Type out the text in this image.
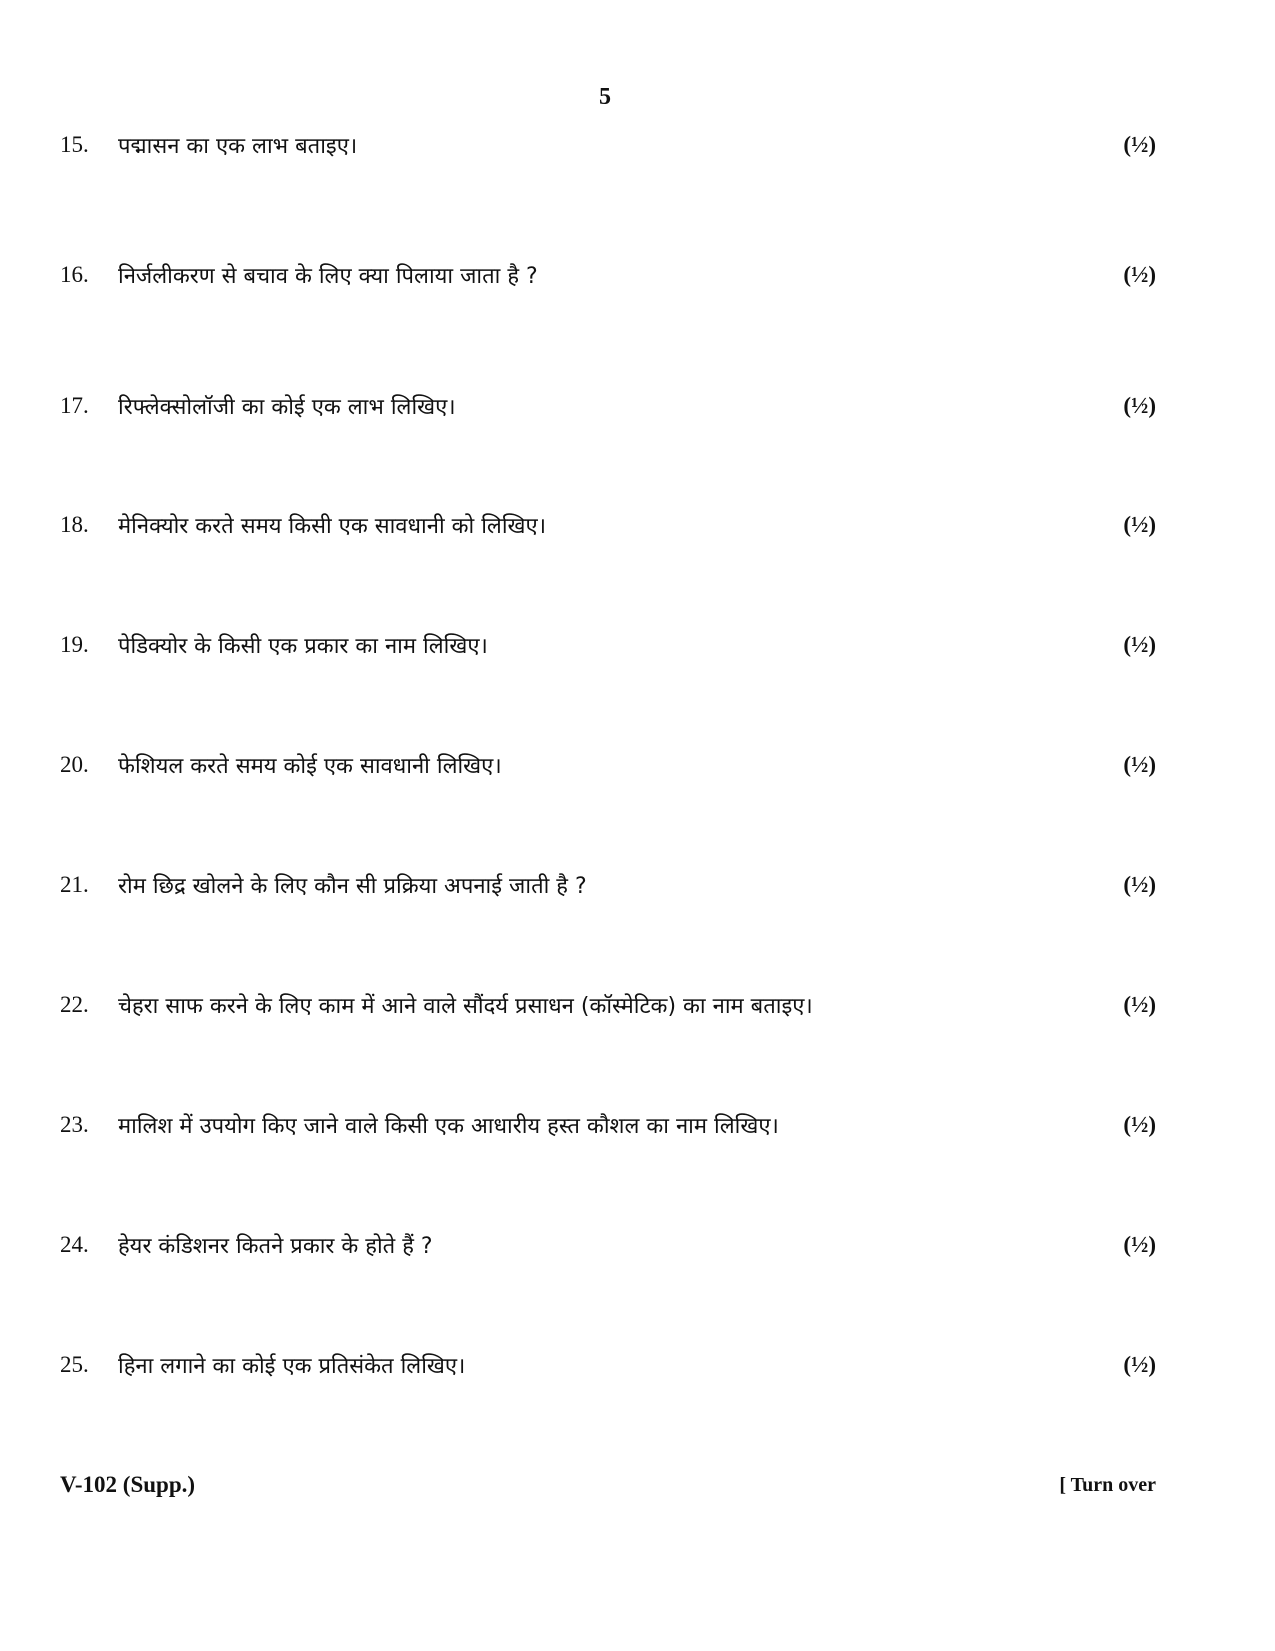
5
15. पद्मासन का एक लाभ बताइए।	(½)
16. निर्जलीकरण से बचाव के लिए क्या पिलाया जाता है ?	(½)
17. रिफ्लेक्सोलॉजी का कोई एक लाभ लिखिए।	(½)
18. मेनिक्योर करते समय किसी एक सावधानी को लिखिए।	(½)
19. पेडिक्योर के किसी एक प्रकार का नाम लिखिए।	(½)
20. फेशियल करते समय कोई एक सावधानी लिखिए।	(½)
21. रोम छिद्र खोलने के लिए कौन सी प्रक्रिया अपनाई जाती है ?	(½)
22. चेहरा साफ करने के लिए काम में आने वाले सौंदर्य प्रसाधन (कॉस्मेटिक) का नाम बताइए।	(½)
23. मालिश में उपयोग किए जाने वाले किसी एक आधारीय हस्त कौशल का नाम लिखिए।	(½)
24. हेयर कंडिशनर कितने प्रकार के होते हैं ?	(½)
25. हिना लगाने का कोई एक प्रतिसंकेत लिखिए।	(½)
V-102 (Supp.)	[ Turn over
